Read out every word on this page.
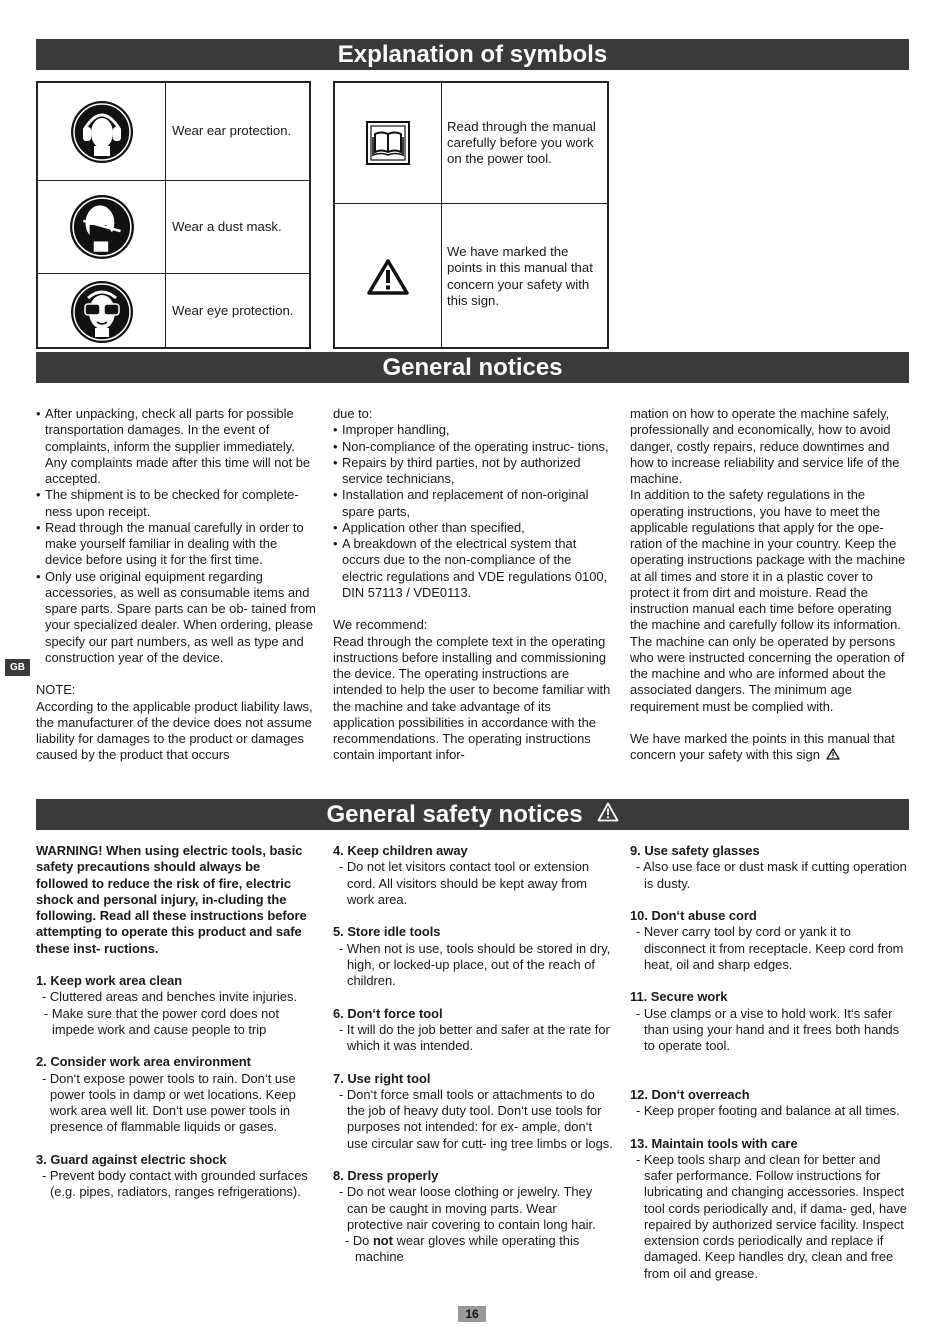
Explanation of symbols
General notices
General safety notices
Wear ear protection.
Wear a dust mask.
Wear eye protection.
Read through the manual carefully before you work on the power tool.
We have marked the points in this manual that concern your safety with this sign.
GB
• After unpacking, check all parts for possible transportation damages. In the event of complaints, inform the supplier immediately. Any complaints made after this time will not be accepted.
• The shipment is to be checked for complete- ness upon receipt.
• Read through the manual carefully in order to make yourself familiar in dealing with the device before using it for the first time.
• Only use original equipment regarding accessories, as well as consumable items and spare parts. Spare parts can be ob- tained from your specialized dealer. When ordering, please specify our part numbers, as well as type and construction year of the device.

NOTE:

According to the applicable product liability laws, the manufacturer of the device does not assume liability for damages to the product or damages caused by the product that occurs

due to:

• Improper handling,
• Non-compliance of the operating instruc- tions,
• Repairs by third parties, not by authorized service technicians,
• Installation and replacement of non-original spare parts,
• Application other than specified,
• A breakdown of the electrical system that occurs due to the non-compliance of the electric regulations and VDE regulations 0100, DIN 57113 / VDE0113.

We recommend:

Read through the complete text in the operating instructions before installing and commissioning the device. The operating instructions are intended to help the user to become familiar with the machine and take advantage of its application possibilities in accordance with the recommendations. The operating instructions contain important infor-

mation on how to operate the machine safely, professionally and economically, how to avoid danger, costly repairs, reduce downtimes and how to increase reliability and service life of the machine.

In addition to the safety regulations in the operating instructions, you have to meet the applicable regulations that apply for the ope- ration of the machine in your country. Keep the operating instructions package with the machine at all times and store it in a plastic cover to protect it from dirt and moisture. Read the instruction manual each time before operating the machine and carefully follow its information. The machine can only be operated by persons who were instructed concerning the operation of the machine and who are informed about the associated dangers. The minimum age requirement must be complied with.

We have marked the points in this manual that concern your safety with this sign

WARNING! When using electric tools, basic safety precautions should always be followed to reduce the risk of fire, electric shock and personal injury, in-cluding the following. Read all these instructions before attempting to operate this product and safe these inst- ructions.

1. Keep work area clean

- Cluttered areas and benches invite injuries.

- Make sure that the power cord does not impede work and cause people to trip

2. Consider work area environment

- Don‘t expose power tools to rain. Don‘t use power tools in damp or wet locations. Keep work area well lit. Don‘t use power tools in presence of flammable liquids or gases.

3. Guard against electric shock

- Prevent body contact with grounded surfaces (e.g. pipes, radiators, ranges refrigerations).

4. Keep children away

- Do not let visitors contact tool or extension cord. All visitors should be kept away from work area.

5. Store idle tools

- When not is use, tools should be stored in dry, high, or locked-up place, out of the reach of children.

6. Don‘t force tool

- It will do the job better and safer at the rate for which it was intended.

7. Use right tool

- Don‘t force small tools or attachments to do the job of heavy duty tool. Don‘t use tools for purposes not intended: for ex- ample, don‘t use circular saw for cutt- ing tree limbs or logs.

8. Dress properly

- Do not wear loose clothing or jewelry. They can be caught in moving parts. Wear protective nair covering to contain long hair.

- Do not wear gloves while operating this machine

9. Use safety glasses

- Also use face or dust mask if cutting operation is dusty.

10. Don‘t abuse cord

- Never carry tool by cord or yank it to disconnect it from receptacle. Keep cord from heat, oil and sharp edges.

11. Secure work

- Use clamps or a vise to hold work. It‘s safer than using your hand and it frees both hands to operate tool.

12. Don‘t overreach

- Keep proper footing and balance at all times.

13. Maintain tools with care

- Keep tools sharp and clean for better and safer performance. Follow instructions for lubricating and changing accessories. Inspect tool cords periodically and, if dama- ged, have repaired by authorized service facility. Inspect extension cords periodically and replace if damaged. Keep handles dry, clean and free from oil and grease.

16
